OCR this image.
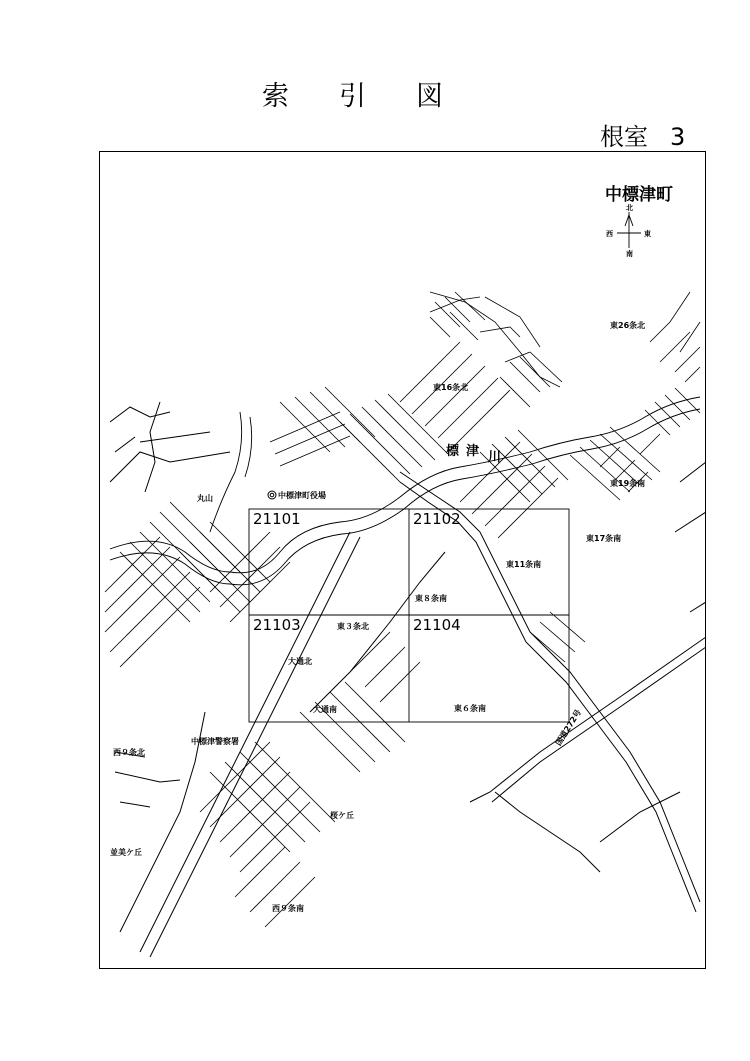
索引図
根室 3
中標津町
北
南
東
西
21101	21102
21103	21104
標 津 川
中標津町役場
丸山
東16条北
東26条北
東19条南
東17条南
東11条南
東８条南
東３条北
大通北
大通南	東６条南
中標津警察署
西９条北
桜ケ丘
並美ケ丘
西９条南
国道272号
